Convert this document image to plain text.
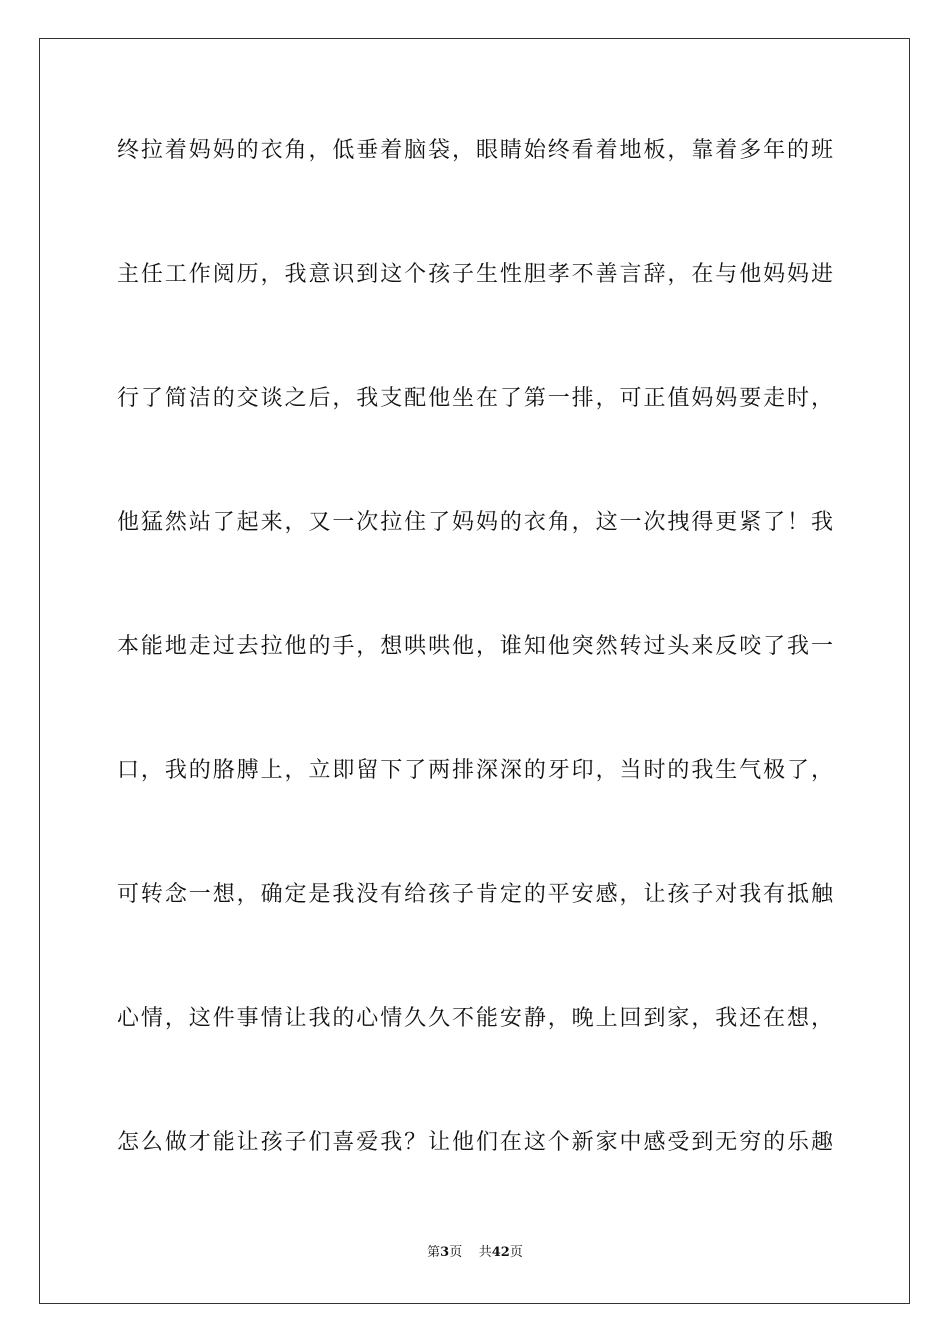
终拉着妈妈的衣角，低垂着脑袋，眼睛始终看着地板，靠着多年的班
主任工作阅历，我意识到这个孩子生性胆孝不善言辞，在与他妈妈进
行了简洁的交谈之后，我支配他坐在了第一排，可正值妈妈要走时，
他猛然站了起来，又一次拉住了妈妈的衣角，这一次拽得更紧了！我
本能地走过去拉他的手，想哄哄他，谁知他突然转过头来反咬了我一
口，我的胳膊上，立即留下了两排深深的牙印，当时的我生气极了，
可转念一想，确定是我没有给孩子肯定的平安感，让孩子对我有抵触
心情，这件事情让我的心情久久不能安静，晚上回到家，我还在想，
怎么做才能让孩子们喜爱我？让他们在这个新家中感受到无穷的乐趣
第3页 共42页
